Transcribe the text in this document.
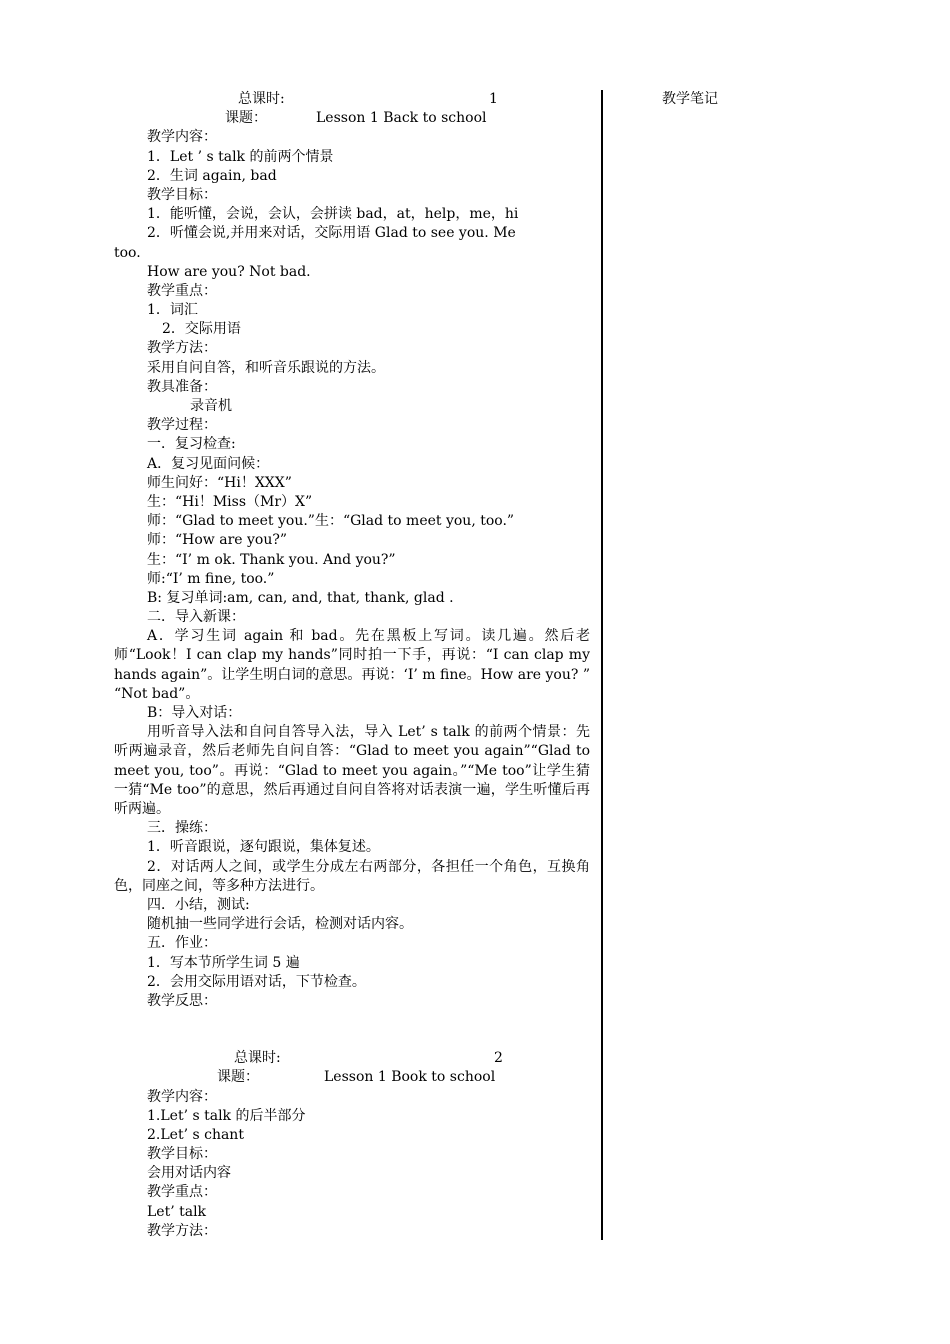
总课时:	1
课题：	Lesson 1 Back to school
教学内容：
1．Let ’ s talk 的前两个情景
2．生词 again, bad
教学目标：
1．能听懂，会说，会认，会拼读 bad，at，help，me，hi
2．听懂会说,并用来对话，交际用语 Glad to see you. Me
too.
How are you? Not bad.
教学重点：
1．词汇
2．交际用语
教学方法：
采用自问自答，和听音乐跟说的方法。
教具准备：
录音机
教学过程：
一．复习检查:
A．复习见面问候：
师生问好：“Hi！XXX”
生：“Hi！Miss（Mr）X”
师：“Glad to meet you.”生：“Glad to meet you, too.”
师：“How are you?”
生：“I’ m ok. Thank you. And you?”
师:“I’ m fine, too.”
B: 复习单词:am, can, and, that, thank, glad .
二．导入新课：
A．学习生词 again 和 bad。先在黑板上写词。读几遍。然后老师“Look！I can clap my hands”同时拍一下手，再说：“I can clap my hands again”。让学生明白词的意思。再说：‘I’ m fine。How are you? ” “Not bad”。
B：导入对话：
用听音导入法和自问自答导入法，导入 Let’ s talk 的前两个情景：先听两遍录音，然后老师先自问自答：“Glad to meet you again”“Glad to meet you, too”。再说：“Glad to meet you again。”“Me too”让学生猜一猜“Me too”的意思，然后再通过自问自答将对话表演一遍，学生听懂后再听两遍。
三．操练：
1．听音跟说，逐句跟说，集体复述。
2．对话两人之间，或学生分成左右两部分，各担任一个角色，互换角色，同座之间，等多种方法进行。
四．小结，测试:
随机抽一些同学进行会话，检测对话内容。
五．作业：
1．写本节所学生词 5 遍
2．会用交际用语对话，下节检查。
教学反思：
总课时:	2
课题：	Lesson 1 Book to school
教学内容：
1.Let’ s talk 的后半部分
2.Let’ s chant
教学目标：
会用对话内容
教学重点：
Let’ talk
教学方法：
教学笔记
